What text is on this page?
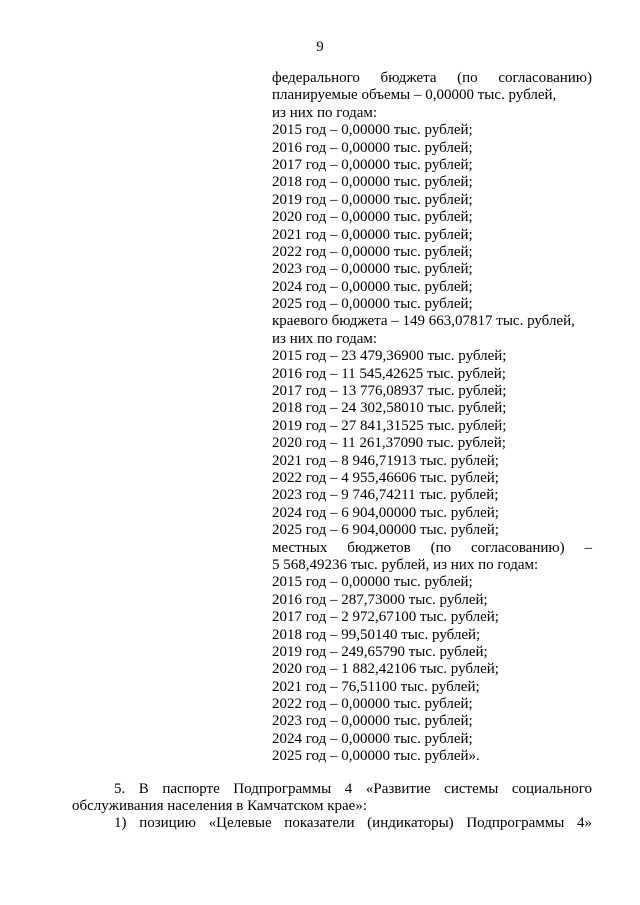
9
федерального бюджета (по согласованию)
планируемые объемы – 0,00000 тыс. рублей,
из них по годам:
2015 год – 0,00000 тыс. рублей;
2016 год – 0,00000 тыс. рублей;
2017 год – 0,00000 тыс. рублей;
2018 год – 0,00000 тыс. рублей;
2019 год – 0,00000 тыс. рублей;
2020 год – 0,00000 тыс. рублей;
2021 год – 0,00000 тыс. рублей;
2022 год – 0,00000 тыс. рублей;
2023 год – 0,00000 тыс. рублей;
2024 год – 0,00000 тыс. рублей;
2025 год – 0,00000 тыс. рублей;
краевого бюджета – 149 663,07817 тыс. рублей,
из них по годам:
2015 год – 23 479,36900 тыс. рублей;
2016 год – 11 545,42625 тыс. рублей;
2017 год – 13 776,08937 тыс. рублей;
2018 год – 24 302,58010 тыс. рублей;
2019 год – 27 841,31525 тыс. рублей;
2020 год – 11 261,37090 тыс. рублей;
2021 год – 8 946,71913 тыс. рублей;
2022 год – 4 955,46606 тыс. рублей;
2023 год – 9 746,74211 тыс. рублей;
2024 год – 6 904,00000 тыс. рублей;
2025 год – 6 904,00000 тыс. рублей;
местных бюджетов (по согласованию) –
5 568,49236 тыс. рублей, из них по годам:
2015 год – 0,00000 тыс. рублей;
2016 год – 287,73000 тыс. рублей;
2017 год – 2 972,67100 тыс. рублей;
2018 год – 99,50140 тыс. рублей;
2019 год – 249,65790 тыс. рублей;
2020 год – 1 882,42106 тыс. рублей;
2021 год – 76,51100 тыс. рублей;
2022 год – 0,00000 тыс. рублей;
2023 год – 0,00000 тыс. рублей;
2024 год – 0,00000 тыс. рублей;
2025 год – 0,00000 тыс. рублей».
5. В паспорте Подпрограммы 4 «Развитие системы социального
обслуживания населения в Камчатском крае»:
1) позицию «Целевые показатели (индикаторы) Подпрограммы 4»
